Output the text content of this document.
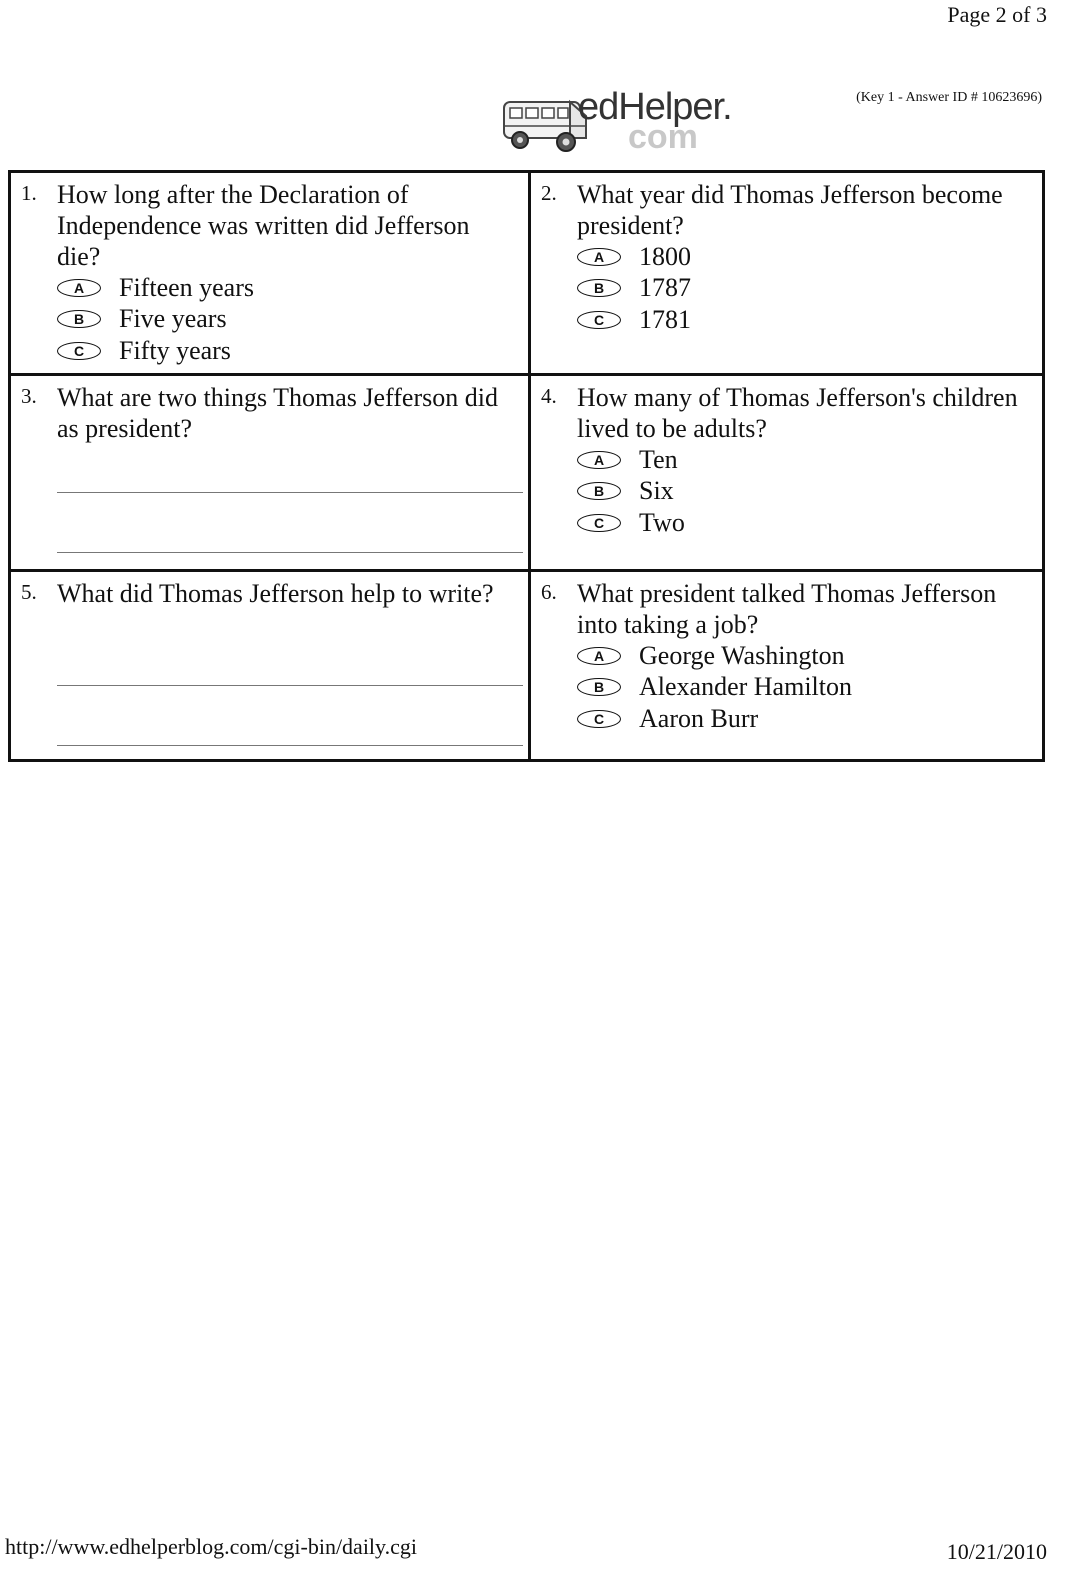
Page 2 of 3
edHelper.
com
(Key 1 - Answer ID # 10623696)
1. How long after the Declaration of Independence was written did Jefferson die?
A	Fifteen years
B	Five years
C	Fifty years
2. What year did Thomas Jefferson become president?
A	1800
B	1787
C	1781
3. What are two things Thomas Jefferson did as president?
4. How many of Thomas Jefferson's children lived to be adults?
A	Ten
B	Six
C	Two
5. What did Thomas Jefferson help to write? 6. What president talked Thomas Jefferson into taking a job?
A	George Washington
B	Alexander Hamilton
C	Aaron Burr
http://www.edhelperblog.com/cgi-bin/daily.cgi	10/21/2010
